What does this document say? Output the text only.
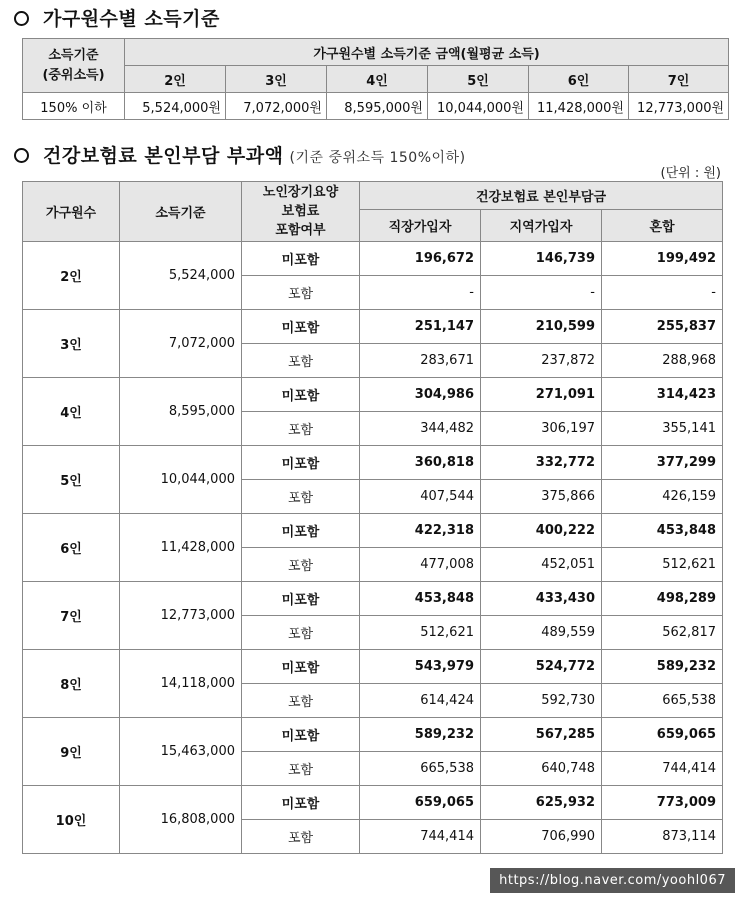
가구원수별 소득기준
소득기준
(중위소득)	가구원수별 소득기준 금액(월평균 소득)					
	2인	3인	4인	5인	6인	7인
150% 이하	5,524,000원	7,072,000원	8,595,000원	10,044,000원	11,428,000원	12,773,000원
건강보험료 본인부담 부과액 (기준 중위소득 150%이하)
(단위 : 원)
가구원수	소득기준	노인장기요양
보험료
포함여부	건강보험료 본인부담금		
			직장가입자	지역가입자	혼합
2인	5,524,000	미포함	196,672	146,739	199,492
		포함	-	-	-
3인	7,072,000	미포함	251,147	210,599	255,837
		포함	283,671	237,872	288,968
4인	8,595,000	미포함	304,986	271,091	314,423
		포함	344,482	306,197	355,141
5인	10,044,000	미포함	360,818	332,772	377,299
		포함	407,544	375,866	426,159
6인	11,428,000	미포함	422,318	400,222	453,848
		포함	477,008	452,051	512,621
7인	12,773,000	미포함	453,848	433,430	498,289
		포함	512,621	489,559	562,817
8인	14,118,000	미포함	543,979	524,772	589,232
		포함	614,424	592,730	665,538
9인	15,463,000	미포함	589,232	567,285	659,065
		포함	665,538	640,748	744,414
10인	16,808,000	미포함	659,065	625,932	773,009
		포함	744,414	706,990	873,114
https://blog.naver.com/yoohl067
